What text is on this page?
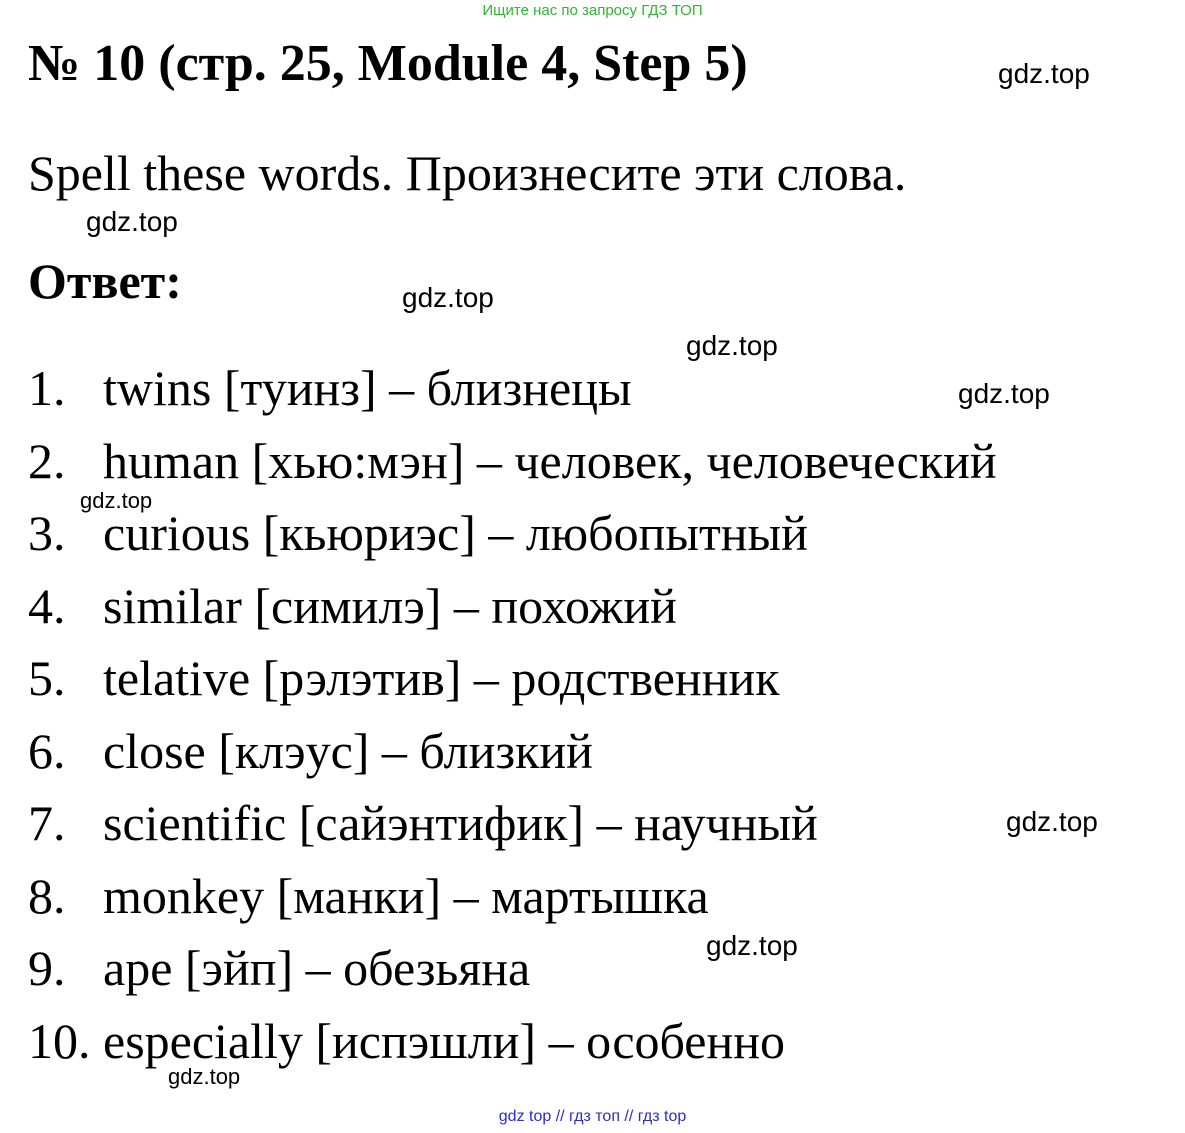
Ищите нас по запросу ГДЗ ТОП
№ 10 (стр. 25, Module 4, Step 5)
Spell these words. Произнесите эти слова.
Ответ:
1. twins [туинз] – близнецы
2. human [хью:мэн] – человек, человеческий
3. curious [кьюриэс] – любопытный
4. similar [симилэ] – похожий
5. telative [рэлэтив] – родственник
6. close [клэус] – близкий
7. scientific [сайэнтифик] – научный
8. monkey [манки] – мартышка
9. ape [эйп] – обезьяна
10. especially [испэшли] – особенно
gdz.top
gdz.top
gdz.top
gdz.top
gdz.top
gdz.top
gdz.top
gdz.top
gdz.top
gdz top // гдз топ // гдз top
